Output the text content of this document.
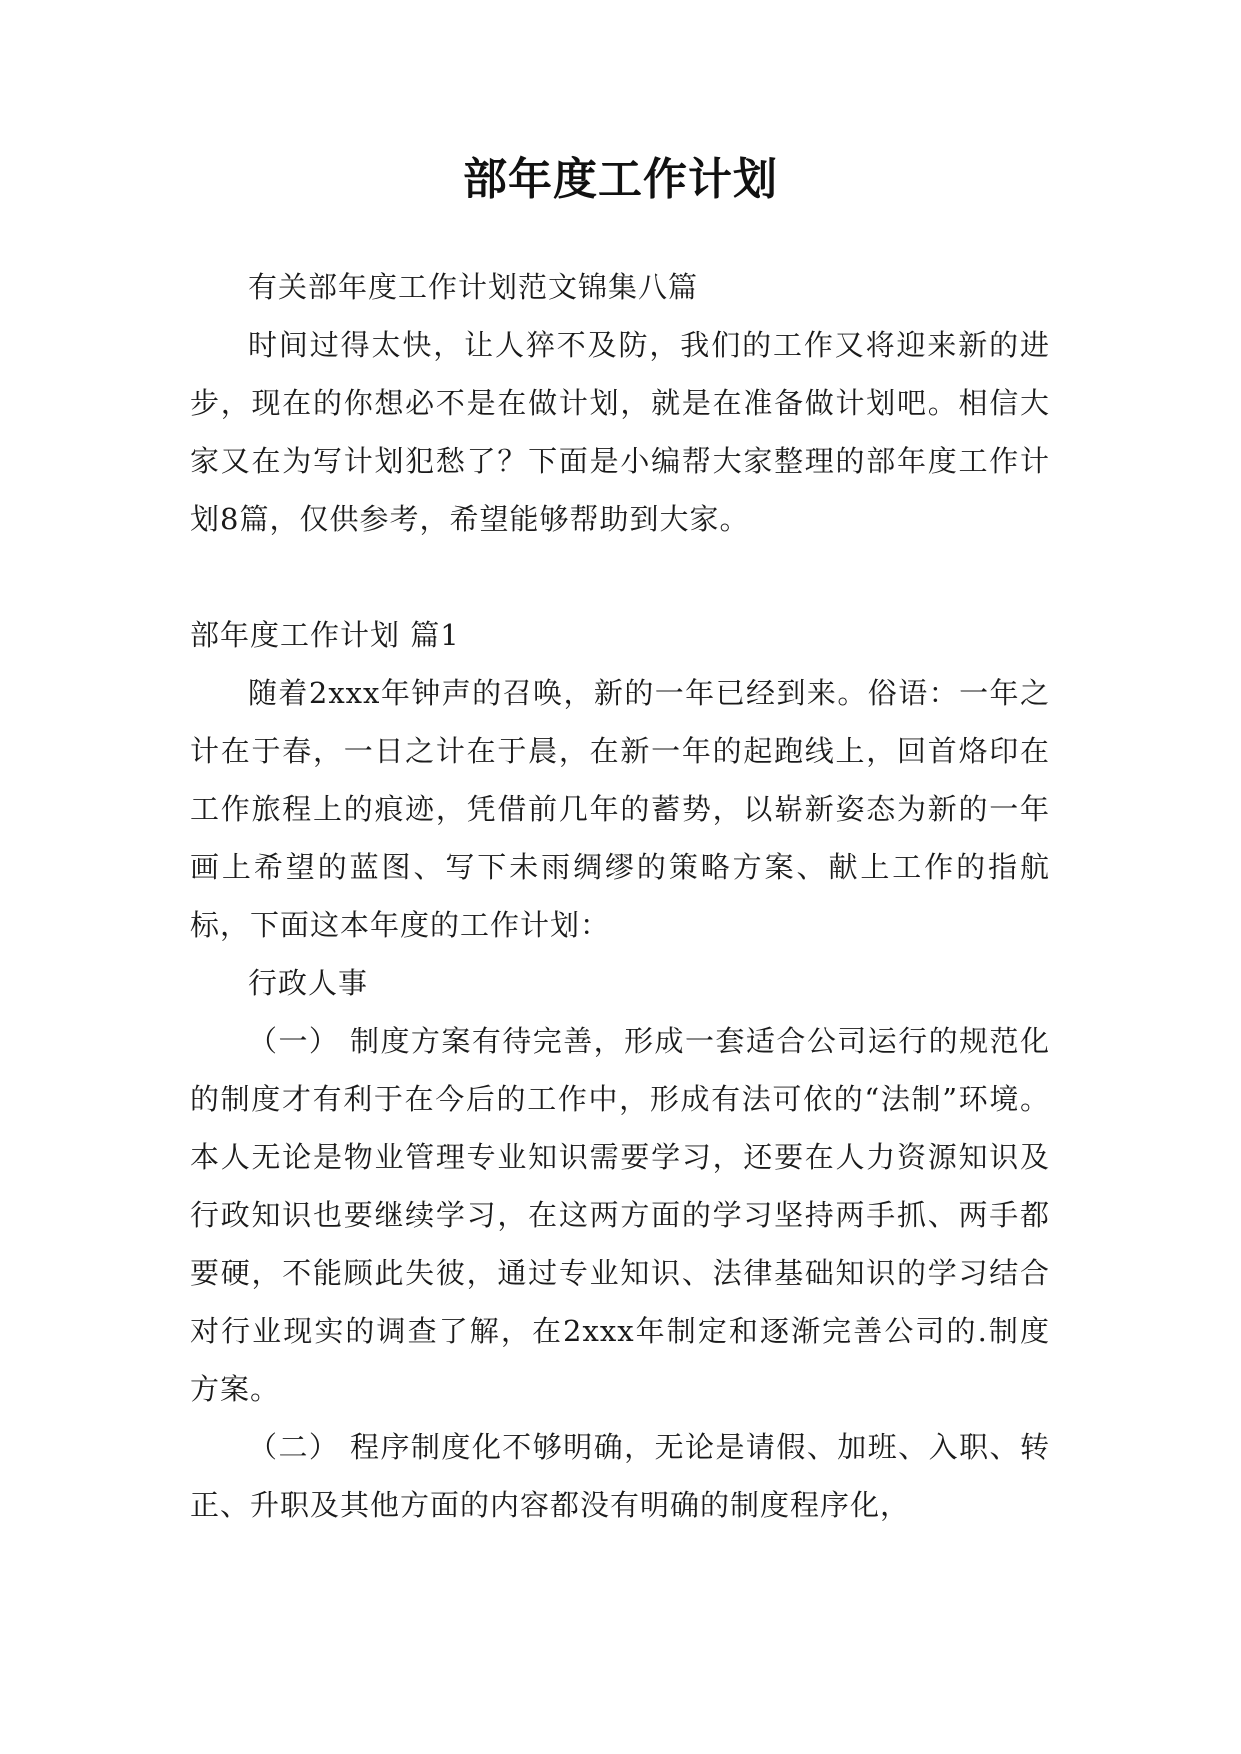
部年度工作计划

有关部年度工作计划范文锦集八篇

时间过得太快，让人猝不及防，我们的工作又将迎来新的进步，现在的你想必不是在做计划，就是在准备做计划吧。相信大家又在为写计划犯愁了？下面是小编帮大家整理的部年度工作计划8篇，仅供参考，希望能够帮助到大家。

部年度工作计划 篇1

随着2xxx年钟声的召唤，新的一年已经到来。俗语：一年之计在于春，一日之计在于晨，在新一年的起跑线上，回首烙印在工作旅程上的痕迹，凭借前几年的蓄势，以崭新姿态为新的一年画上希望的蓝图、写下未雨绸缪的策略方案、献上工作的指航标，下面这本年度的工作计划：

行政人事

（一） 制度方案有待完善，形成一套适合公司运行的规范化的制度才有利于在今后的工作中，形成有法可依的“法制”环境。本人无论是物业管理专业知识需要学习，还要在人力资源知识及行政知识也要继续学习，在这两方面的学习坚持两手抓、两手都要硬，不能顾此失彼，通过专业知识、法律基础知识的学习结合对行业现实的调查了解，在2xxx年制定和逐渐完善公司的.制度方案。

（二） 程序制度化不够明确，无论是请假、加班、入职、转正、升职及其他方面的内容都没有明确的制度程序化，
